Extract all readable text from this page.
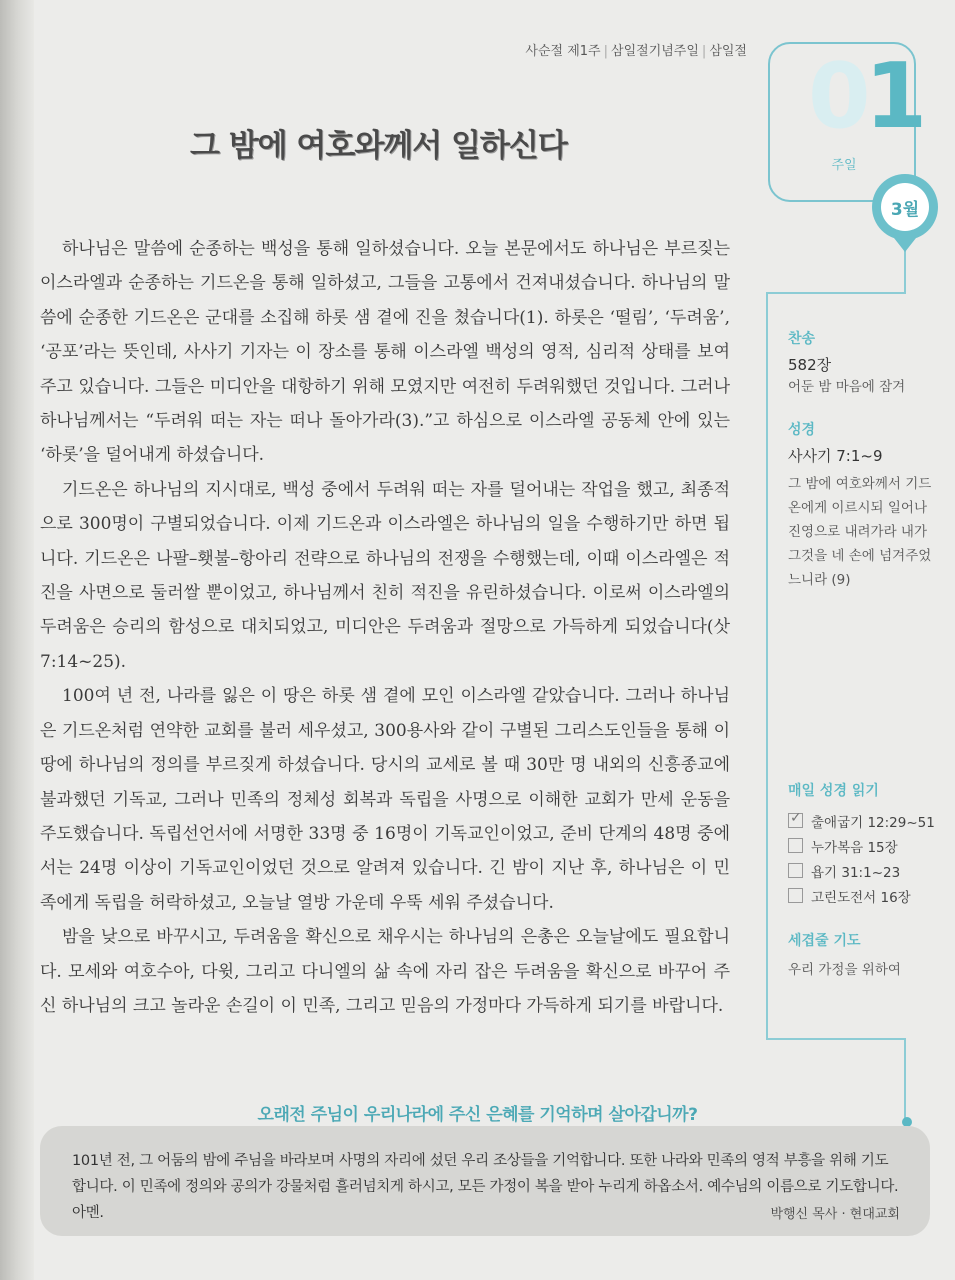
사순절 제1주 | 삼일절기념주일 | 삼일절
그 밤에 여호와께서 일하신다	01
주일
3월

하나님은 말씀에 순종하는 백성을 통해 일하셨습니다. 오늘 본문에서도 하나님은 부르짖는 이스라엘과 순종하는 기드온을 통해 일하셨고, 그들을 고통에서 건져내셨습니다. 하나님의 말씀에 순종한 기드온은 군대를 소집해 하롯 샘 곁에 진을 쳤습니다(1). 하롯은 ‘떨림’, ‘두려움’, ‘공포’라는 뜻인데, 사사기 기자는 이 장소를 통해 이스라엘 백성의 영적, 심리적 상태를 보여 주고 있습니다. 그들은 미디안을 대항하기 위해 모였지만 여전히 두려워했던 것입니다. 그러나 하나님께서는 “두려워 떠는 자는 떠나 돌아가라(3).”고 하심으로 이스라엘 공동체 안에 있는 ‘하롯’을 덜어내게 하셨습니다.

기드온은 하나님의 지시대로, 백성 중에서 두려워 떠는 자를 덜어내는 작업을 했고, 최종적으로 300명이 구별되었습니다. 이제 기드온과 이스라엘은 하나님의 일을 수행하기만 하면 됩니다. 기드온은 나팔–횃불–항아리 전략으로 하나님의 전쟁을 수행했는데, 이때 이스라엘은 적진을 사면으로 둘러쌀 뿐이었고, 하나님께서 친히 적진을 유린하셨습니다. 이로써 이스라엘의 두려움은 승리의 함성으로 대치되었고, 미디안은 두려움과 절망으로 가득하게 되었습니다(삿 7:14~25).

100여 년 전, 나라를 잃은 이 땅은 하롯 샘 곁에 모인 이스라엘 같았습니다. 그러나 하나님은 기드온처럼 연약한 교회를 불러 세우셨고, 300용사와 같이 구별된 그리스도인들을 통해 이 땅에 하나님의 정의를 부르짖게 하셨습니다. 당시의 교세로 볼 때 30만 명 내외의 신흥종교에 불과했던 기독교, 그러나 민족의 정체성 회복과 독립을 사명으로 이해한 교회가 만세 운동을 주도했습니다. 독립선언서에 서명한 33명 중 16명이 기독교인이었고, 준비 단계의 48명 중에서는 24명 이상이 기독교인이었던 것으로 알려져 있습니다. 긴 밤이 지난 후, 하나님은 이 민족에게 독립을 허락하셨고, 오늘날 열방 가운데 우뚝 세워 주셨습니다.

밤을 낮으로 바꾸시고, 두려움을 확신으로 채우시는 하나님의 은총은 오늘날에도 필요합니다. 모세와 여호수아, 다윗, 그리고 다니엘의 삶 속에 자리 잡은 두려움을 확신으로 바꾸어 주신 하나님의 크고 놀라운 손길이 이 민족, 그리고 믿음의 가정마다 가득하게 되기를 바랍니다.

찬송
582장
어둔 밤 마음에 잠겨
성경
사사기 7:1~9
그 밤에 여호와께서 기드온에게 이르시되 일어나 진영으로 내려가라 내가 그것을 네 손에 넘겨주었느니라 (9)
매일 성경 읽기
✓
출애굽기 12:29~51
누가복음 15장
욥기 31:1~23
고린도전서 16장
세겹줄 기도
우리 가정을 위하여
오래전 주님이 우리나라에 주신 은혜를 기억하며 살아갑니까?
101년 전, 그 어둠의 밤에 주님을 바라보며 사명의 자리에 섰던 우리 조상들을 기억합니다. 또한 나라와 민족의 영적 부흥을 위해 기도합니다. 이 민족에 정의와 공의가 강물처럼 흘러넘치게 하시고, 모든 가정이 복을 받아 누리게 하옵소서. 예수님의 이름으로 기도합니다. 아멘.	박행신 목사 · 현대교회
